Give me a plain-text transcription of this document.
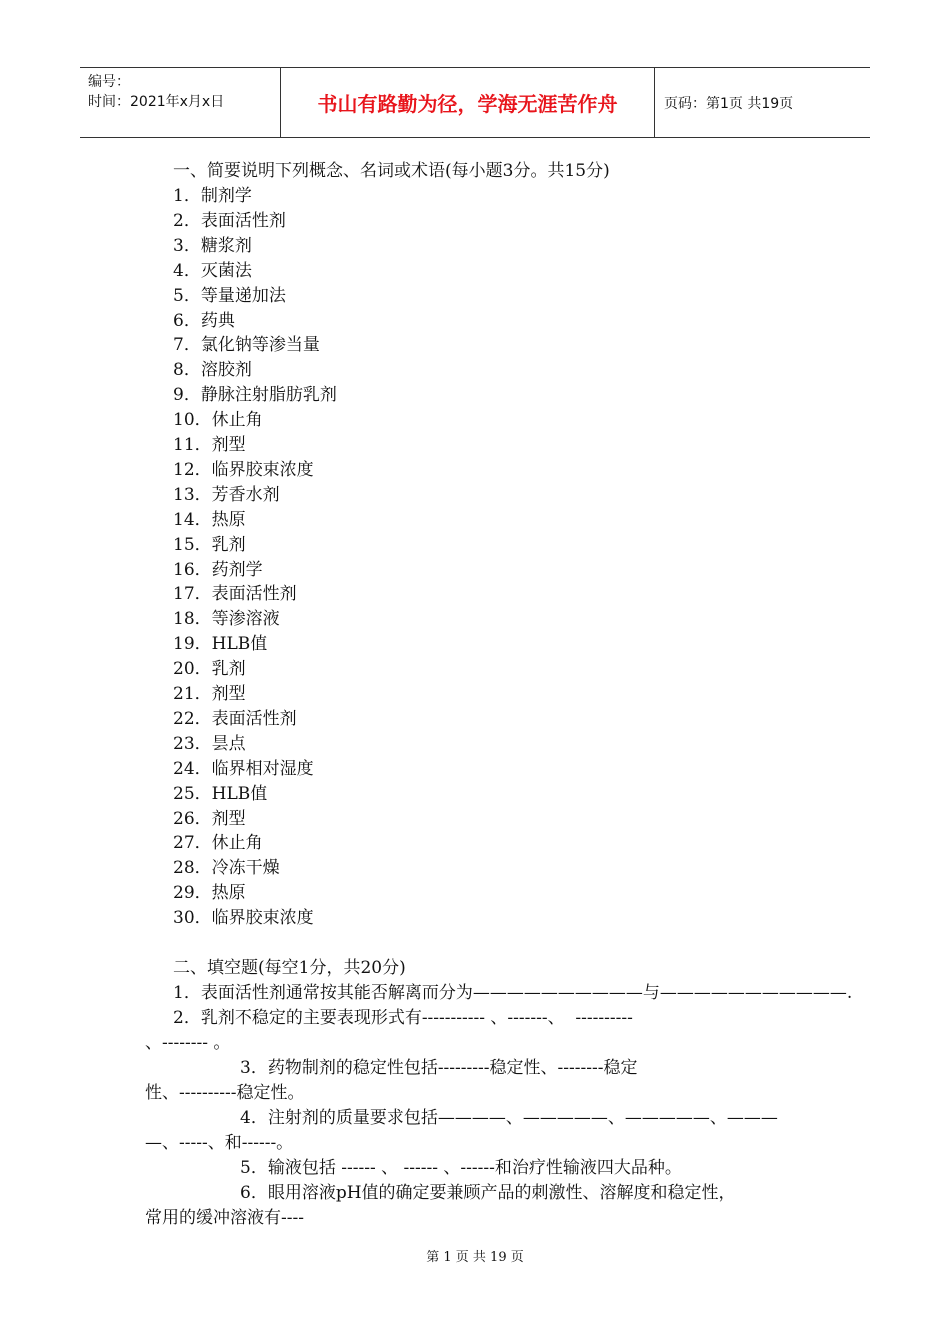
编号：
时间：2021年x月x日	书山有路勤为径，学海无涯苦作舟	页码：第1页 共19页
一、简要说明下列概念、名词或术语(每小题3分。共15分)
1．制剂学
2．表面活性剂
3．糖浆剂
4．灭菌法
5．等量递加法
6．药典
7．氯化钠等渗当量
8．溶胶剂
9．静脉注射脂肪乳剂
10．休止角
11．剂型
12．临界胶束浓度
13．芳香水剂
14．热原
15．乳剂
16．药剂学
17．表面活性剂
18．等渗溶液
19．HLB值
20．乳剂
21．剂型
22．表面活性剂
23．昙点
24．临界相对湿度
25．HLB值
26．剂型
27．休止角
28．冷冻干燥
29．热原
30．临界胶束浓度
二、填空题(每空1分，共20分)
1．表面活性剂通常按其能否解离而分为——————————与———————————.
2．乳剂不稳定的主要表现形式有----------- 、-------、  ----------
、-------- 。
3．药物制剂的稳定性包括---------稳定性、--------稳定
性、----------稳定性。
4．注射剂的质量要求包括————、—————、—————、———
—、-----、和------。
5．输液包括 ------ 、 ------ 、------和治疗性输液四大品种。
6．眼用溶液pH值的确定要兼顾产品的刺激性、溶解度和稳定性，
常用的缓冲溶液有----
第 1 页 共 19 页
